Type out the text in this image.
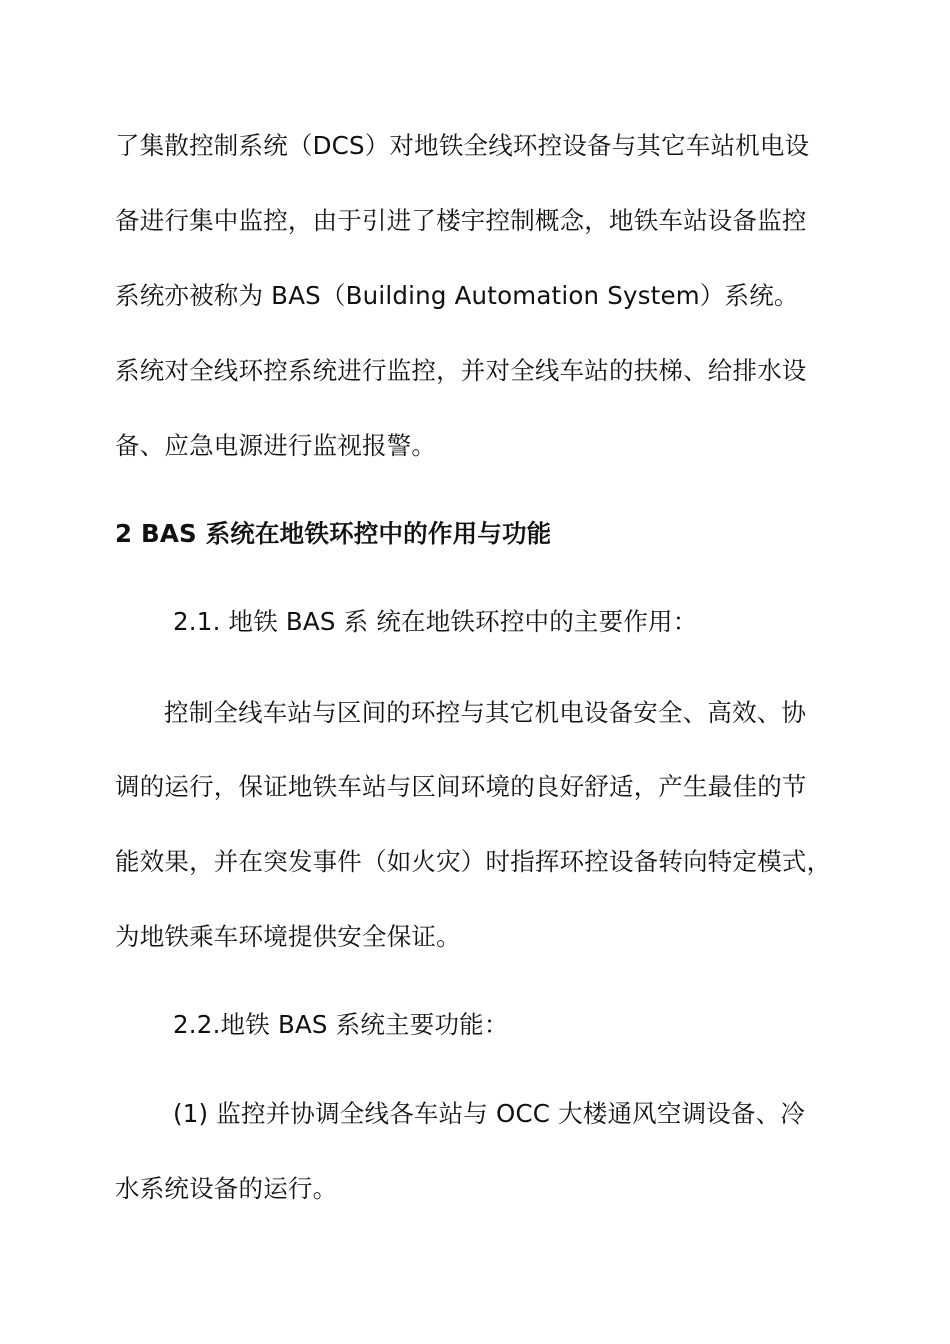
了集散控制系统（DCS）对地铁全线环控设备与其它车站机电设
备进行集中监控，由于引进了楼宇控制概念，地铁车站设备监控
系统亦被称为 BAS（Building Automation System）系统。
系统对全线环控系统进行监控，并对全线车站的扶梯、给排水设
备、应急电源进行监视报警。
2 BAS 系统在地铁环控中的作用与功能
2.1. 地铁 BAS 系 统在地铁环控中的主要作用：
控制全线车站与区间的环控与其它机电设备安全、高效、协
调的运行，保证地铁车站与区间环境的良好舒适，产生最佳的节
能效果，并在突发事件（如火灾）时指挥环控设备转向特定模式，
为地铁乘车环境提供安全保证。
2.2.地铁 BAS 系统主要功能：
(1) 监控并协调全线各车站与 OCC 大楼通风空调设备、冷
水系统设备的运行。
